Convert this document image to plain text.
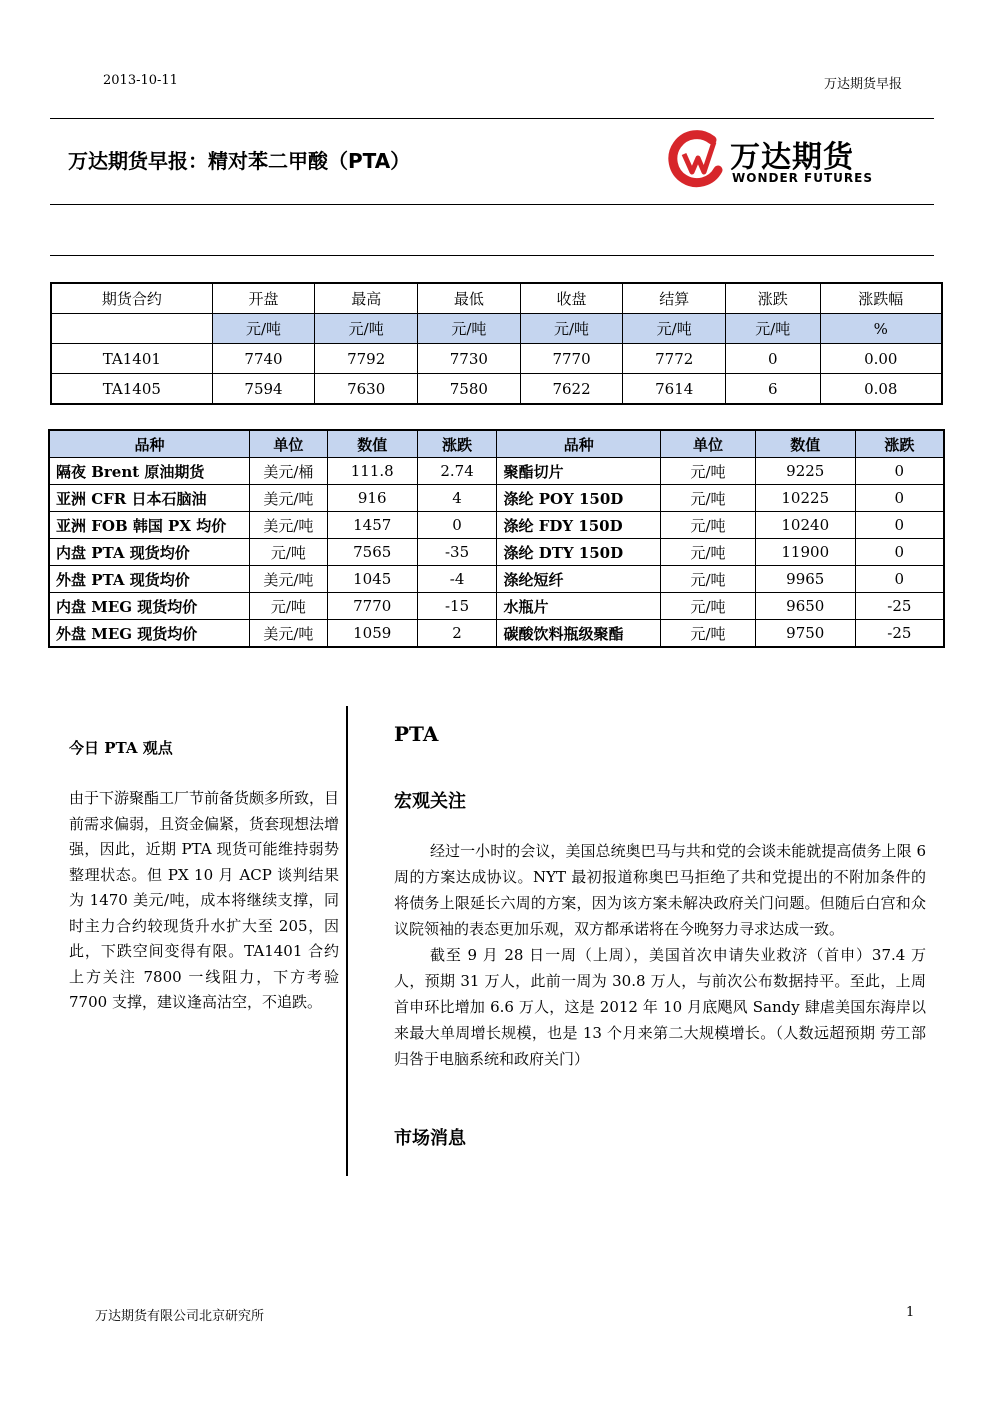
2013-10-11	万达期货早报
万达期货早报：精对苯二甲酸（PTA）	万达期货
WONDER FUTURES
期货合约	开盘	最高	最低	收盘	结算	涨跌	涨跌幅
	元/吨	元/吨	元/吨	元/吨	元/吨	元/吨	%
TA1401	7740	7792	7730	7770	7772	0	0.00
TA1405	7594	7630	7580	7622	7614	6	0.08
品种	单位	数值	涨跌	品种	单位	数值	涨跌
隔夜 Brent 原油期货	美元/桶	111.8	2.74	聚酯切片	元/吨	9225	0
亚洲 CFR 日本石脑油	美元/吨	916	4	涤纶 POY 150D	元/吨	10225	0
亚洲 FOB 韩国 PX 均价	美元/吨	1457	0	涤纶 FDY 150D	元/吨	10240	0
内盘 PTA 现货均价	元/吨	7565	-35	涤纶 DTY 150D	元/吨	11900	0
外盘 PTA 现货均价	美元/吨	1045	-4	涤纶短纤	元/吨	9965	0
内盘 MEG 现货均价	元/吨	7770	-15	水瓶片	元/吨	9650	-25
外盘 MEG 现货均价	美元/吨	1059	2	碳酸饮料瓶级聚酯	元/吨	9750	-25
今日 PTA 观点
由于下游聚酯工厂节前备货颇多所致，目前需求偏弱，且资金偏紧，货套现想法增强，因此，近期 PTA 现货可能维持弱势整理状态。但 PX 10 月 ACP 谈判结果为 1470 美元/吨，成本将继续支撑，同时主力合约较现货升水扩大至 205，因此，下跌空间变得有限。TA1401 合约上方关注 7800 一线阻力，下方考验 7700 支撑，建议逢高沽空，不追跌。
PTA
宏观关注

经过一小时的会议，美国总统奥巴马与共和党的会谈未能就提高债务上限 6 周的方案达成协议。NYT 最初报道称奥巴马拒绝了共和党提出的不附加条件的将债务上限延长六周的方案，因为该方案未解决政府关门问题。但随后白宫和众议院领袖的表态更加乐观，双方都承诺将在今晚努力寻求达成一致。

截至 9 月 28 日一周（上周），美国首次申请失业救济（首申）37.4 万人，预期 31 万人，此前一周为 30.8 万人，与前次公布数据持平。至此，上周首申环比增加 6.6 万人，这是 2012 年 10 月底飓风 Sandy 肆虐美国东海岸以来最大单周增长规模，也是 13 个月来第二大规模增长。（人数远超预期 劳工部归咎于电脑系统和政府关门）

市场消息
万达期货有限公司北京研究所	1
